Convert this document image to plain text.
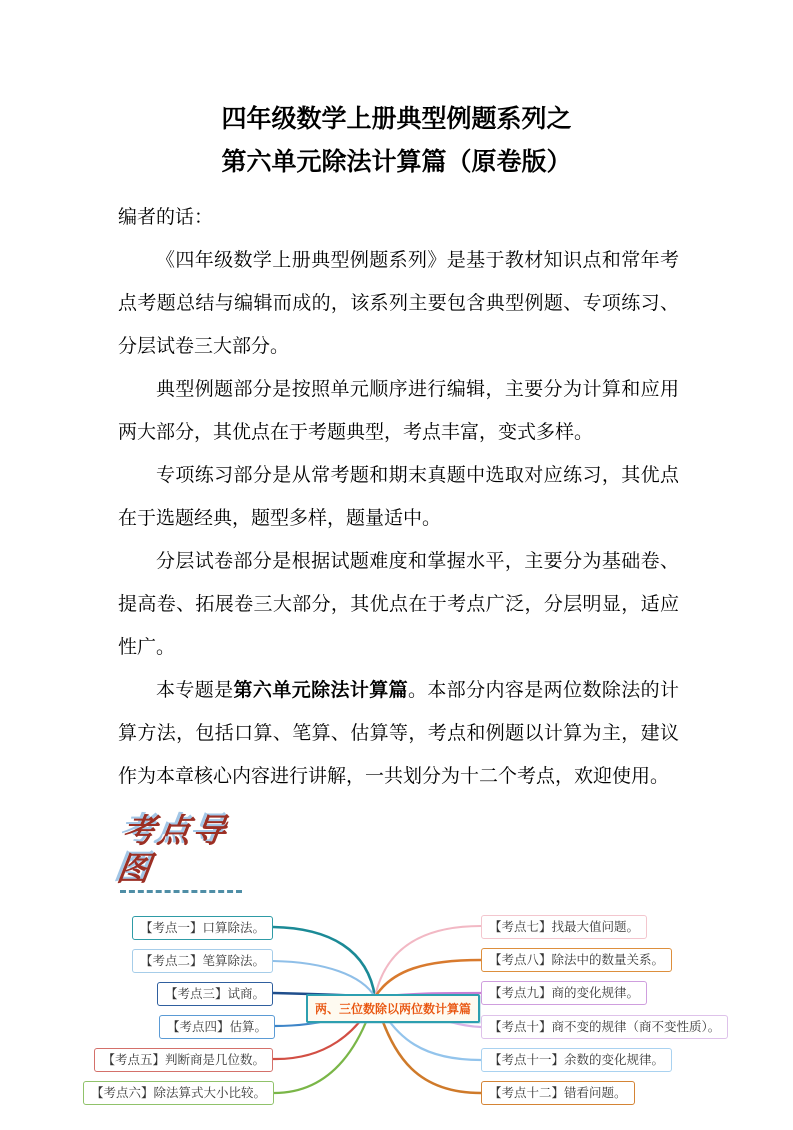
四年级数学上册典型例题系列之
第六单元除法计算篇（原卷版）

编者的话：

《四年级数学上册典型例题系列》是基于教材知识点和常年考点考题总结与编辑而成的，该系列主要包含典型例题、专项练习、分层试卷三大部分。

典型例题部分是按照单元顺序进行编辑，主要分为计算和应用两大部分，其优点在于考题典型，考点丰富，变式多样。

专项练习部分是从常考题和期末真题中选取对应练习，其优点在于选题经典，题型多样，题量适中。

分层试卷部分是根据试题难度和掌握水平，主要分为基础卷、提高卷、拓展卷三大部分，其优点在于考点广泛，分层明显，适应性广。

本专题是第六单元除法计算篇。本部分内容是两位数除法的计算方法，包括口算、笔算、估算等，考点和例题以计算为主，建议作为本章核心内容进行讲解，一共划分为十二个考点，欢迎使用。

考点导图
【考点一】口算除法。
【考点二】笔算除法。
【考点三】试商。
【考点四】估算。
【考点五】判断商是几位数。
【考点六】除法算式大小比较。
【考点七】找最大值问题。
【考点八】除法中的数量关系。
【考点九】商的变化规律。
【考点十】商不变的规律（商不变性质）。
【考点十一】余数的变化规律。
【考点十二】错看问题。
两、三位数除以两位数计算篇
